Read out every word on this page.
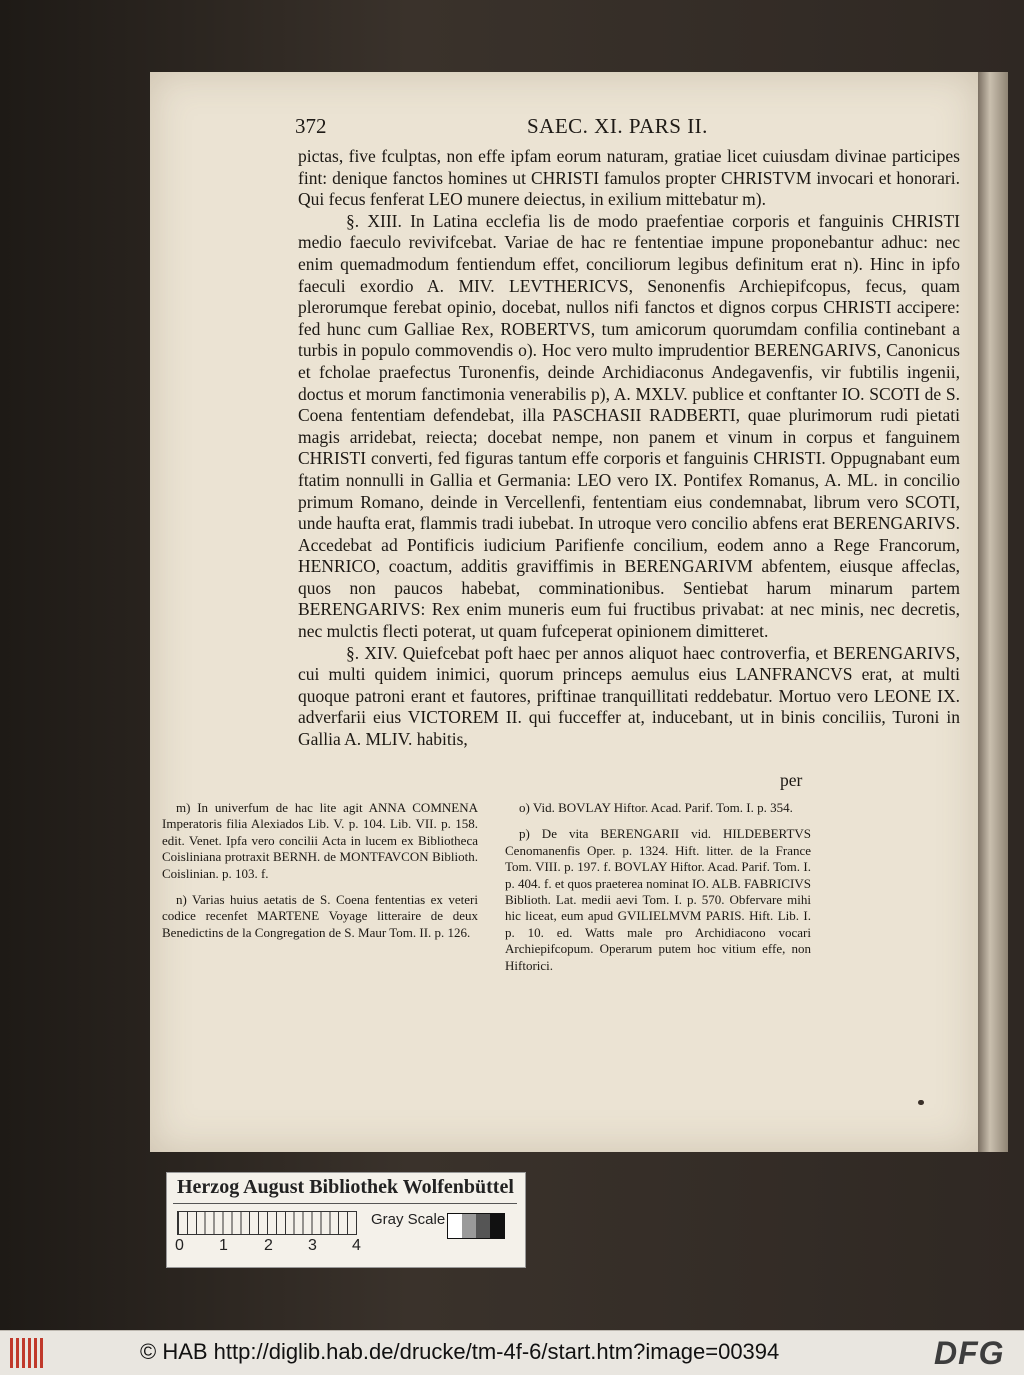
372	SAEC. XI. PARS II.

pictas, five fculptas, non effe ipfam eorum naturam, gratiae licet cuiusdam divinae participes fint: denique fanctos homines ut CHRISTI famulos propter CHRISTVM invocari et honorari. Qui fecus fenferat LEO munere deiectus, in exilium mittebatur m).

§. XIII. In Latina ecclefia lis de modo praefentiae corporis et fanguinis CHRISTI medio faeculo revivifcebat. Variae de hac re fententiae impune proponebantur adhuc: nec enim quemadmodum fentiendum effet, conciliorum legibus definitum erat n). Hinc in ipfo faeculi exordio A. MIV. LEVTHERICVS, Senonenfis Archiepifcopus, fecus, quam plerorumque ferebat opinio, docebat, nullos nifi fanctos et dignos corpus CHRISTI accipere: fed hunc cum Galliae Rex, ROBERTVS, tum amicorum quorumdam confilia continebant a turbis in populo commovendis o). Hoc vero multo imprudentior BERENGARIVS, Canonicus et fcholae praefectus Turonenfis, deinde Archidiaconus Andegavenfis, vir fubtilis ingenii, doctus et morum fanctimonia venerabilis p), A. MXLV. publice et conftanter IO. SCOTI de S. Coena fententiam defendebat, illa PASCHASII RADBERTI, quae plurimorum rudi pietati magis arridebat, reiecta; docebat nempe, non panem et vinum in corpus et fanguinem CHRISTI converti, fed figuras tantum effe corporis et fanguinis CHRISTI. Oppugnabant eum ftatim nonnulli in Gallia et Germania: LEO vero IX. Pontifex Romanus, A. ML. in concilio primum Romano, deinde in Vercellenfi, fententiam eius condemnabat, librum vero SCOTI, unde haufta erat, flammis tradi iubebat. In utroque vero concilio abfens erat BERENGARIVS. Accedebat ad Pontificis iudicium Parifienfe concilium, eodem anno a Rege Francorum, HENRICO, coactum, additis graviffimis in BERENGARIVM abfentem, eiusque affeclas, quos non paucos habebat, comminationibus. Sentiebat harum minarum partem BERENGARIVS: Rex enim muneris eum fui fructibus privabat: at nec minis, nec decretis, nec mulctis flecti poterat, ut quam fufceperat opinionem dimitteret.

§. XIV. Quiefcebat poft haec per annos aliquot haec controverfia, et BERENGARIVS, cui multi quidem inimici, quorum princeps aemulus eius LANFRANCVS erat, at multi quoque patroni erant et fautores, priftinae tranquillitati reddebatur. Mortuo vero LEONE IX. adverfarii eius VICTOREM II. qui fucceffer at, inducebant, ut in binis conciliis, Turoni in Gallia A. MLIV. habitis,

per

m) In univerfum de hac lite agit ANNA COMNENA Imperatoris filia Alexiados Lib. V. p. 104. Lib. VII. p. 158. edit. Venet. Ipfa vero concilii Acta in lucem ex Bibliotheca Coisliniana protraxit BERNH. de MONTFAVCON Biblioth. Coislinian. p. 103. f.

n) Varias huius aetatis de S. Coena fententias ex veteri codice recenfet MARTENE Voyage litteraire de deux Benedictins de la Congregation de S. Maur Tom. II. p. 126.

o) Vid. BOVLAY Hiftor. Acad. Parif. Tom. I. p. 354.

p) De vita BERENGARII vid. HILDEBERTVS Cenomanenfis Oper. p. 1324. Hift. litter. de la France Tom. VIII. p. 197. f. BOVLAY Hiftor. Acad. Parif. Tom. I. p. 404. f. et quos praeterea nominat IO. ALB. FABRICIVS Biblioth. Lat. medii aevi Tom. I. p. 570. Obfervare mihi hic liceat, eum apud GVILIELMVM PARIS. Hift. Lib. I. p. 10. ed. Watts male pro Archidiacono vocari Archiepifcopum. Operarum putem hoc vitium effe, non Hiftorici.

Herzog August Bibliothek Wolfenbüttel
0 1 2 3 4
Gray Scale
© HAB http://diglib.hab.de/drucke/tm-4f-6/start.htm?image=00394	DFG
